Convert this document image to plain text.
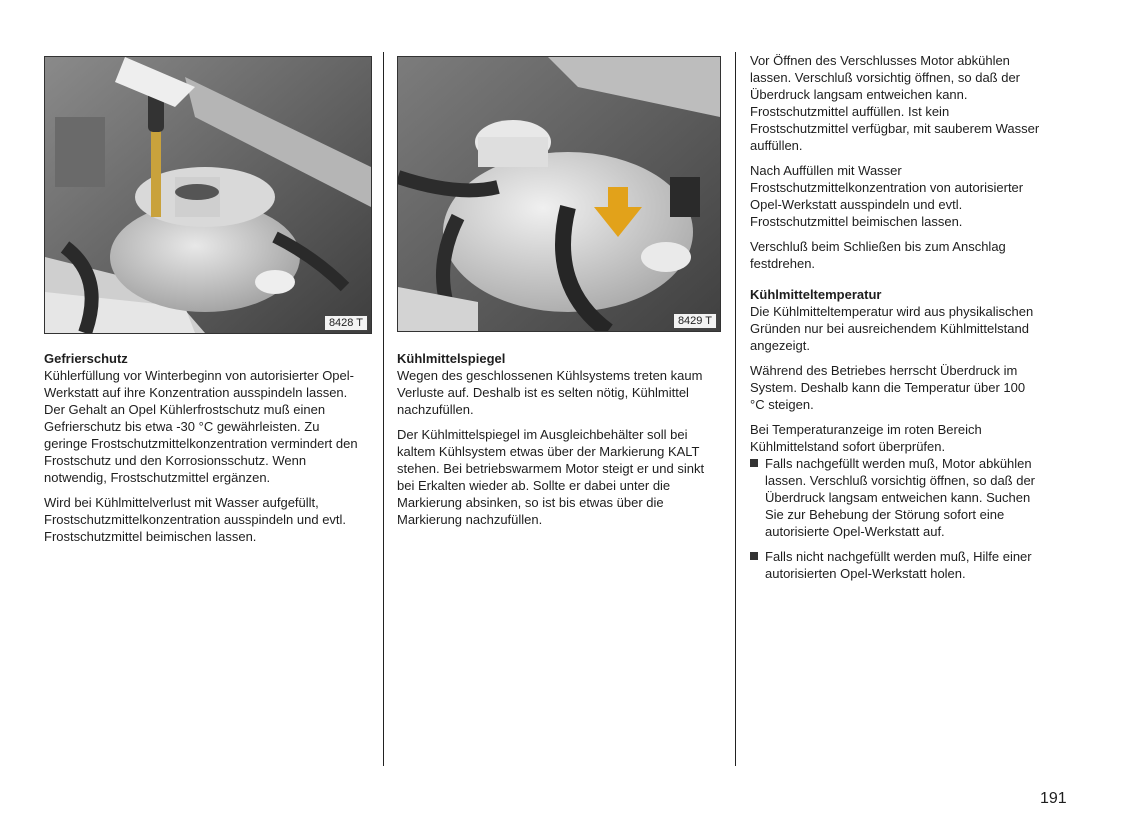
8428 T	8429 T
Gefrierschutz

Kühlerfüllung vor Winterbeginn von autorisierter Opel-Werkstatt auf ihre Konzentration ausspindeln lassen. Der Gehalt an Opel Kühlerfrostschutz muß einen Gefrierschutz bis etwa -30 °C gewährleisten. Zu geringe Frostschutzmittelkonzentration vermindert den Frostschutz und den Korrosionsschutz. Wenn notwendig, Frostschutzmittel ergänzen.

Wird bei Kühlmittelverlust mit Wasser aufgefüllt, Frostschutzmittelkonzentration ausspindeln und evtl. Frostschutzmittel beimischen lassen.

Kühlmittelspiegel

Wegen des geschlossenen Kühlsystems treten kaum Verluste auf. Deshalb ist es selten nötig, Kühlmittel nachzufüllen.

Der Kühlmittelspiegel im Ausgleichbehälter soll bei kaltem Kühlsystem etwas über der Markierung KALT stehen. Bei betriebswarmem Motor steigt er und sinkt bei Erkalten wieder ab. Sollte er dabei unter die Markierung absinken, so ist bis etwas über die Markierung nachzufüllen.

Vor Öffnen des Verschlusses Motor abkühlen lassen. Verschluß vorsichtig öffnen, so daß der Überdruck langsam entweichen kann. Frostschutzmittel auffüllen. Ist kein Frostschutzmittel verfügbar, mit sauberem Wasser auffüllen.

Nach Auffüllen mit Wasser Frostschutzmittelkonzentration von autorisierter Opel-Werkstatt ausspindeln und evtl. Frostschutzmittel beimischen lassen.

Verschluß beim Schließen bis zum Anschlag festdrehen.

Kühlmitteltemperatur

Die Kühlmitteltemperatur wird aus physikalischen Gründen nur bei ausreichendem Kühlmittelstand angezeigt.

Während des Betriebes herrscht Überdruck im System. Deshalb kann die Temperatur über 100 °C steigen.

Bei Temperaturanzeige im roten Bereich Kühlmittelstand sofort überprüfen.

Falls nachgefüllt werden muß, Motor abkühlen lassen. Verschluß vorsichtig öffnen, so daß der Überdruck langsam entweichen kann. Suchen Sie zur Behebung der Störung sofort eine autorisierte Opel-Werkstatt auf.
Falls nicht nachgefüllt werden muß, Hilfe einer autorisierten Opel-Werkstatt holen.
191
